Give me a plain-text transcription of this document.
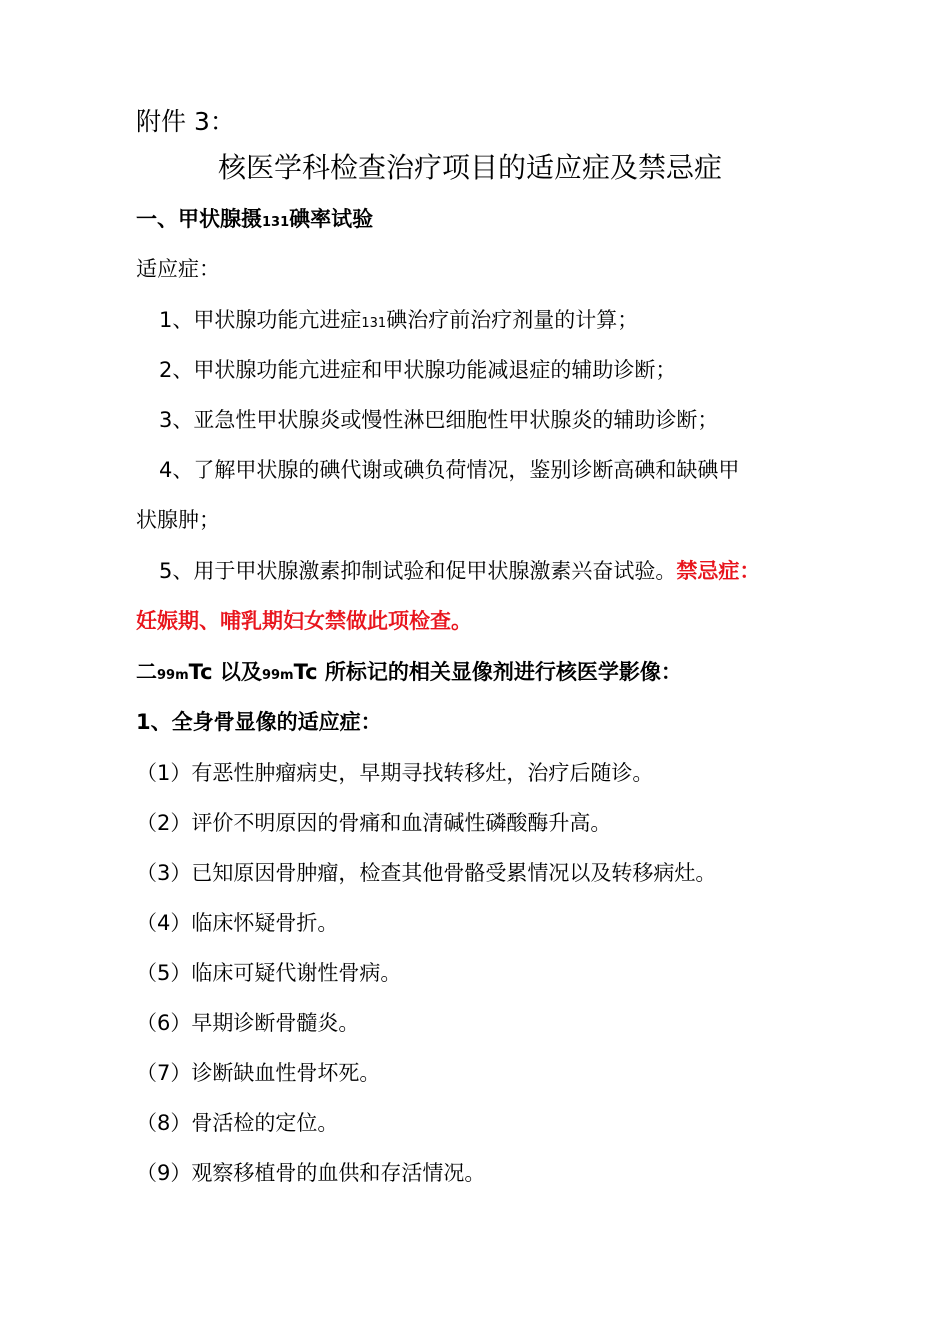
附件 3：
核医学科检查治疗项目的适应症及禁忌症
一、甲状腺摄131碘率试验
适应症：
1、甲状腺功能亢进症131碘治疗前治疗剂量的计算；
2、甲状腺功能亢进症和甲状腺功能减退症的辅助诊断；
3、亚急性甲状腺炎或慢性淋巴细胞性甲状腺炎的辅助诊断；
4、了解甲状腺的碘代谢或碘负荷情况，鉴别诊断高碘和缺碘甲
状腺肿；
5、用于甲状腺激素抑制试验和促甲状腺激素兴奋试验。禁忌症：
妊娠期、哺乳期妇女禁做此项检查。
二99mTc 以及99mTc 所标记的相关显像剂进行核医学影像：
1、全身骨显像的适应症：
（1）有恶性肿瘤病史，早期寻找转移灶，治疗后随诊。
（2）评价不明原因的骨痛和血清碱性磷酸酶升高。
（3）已知原因骨肿瘤，检查其他骨骼受累情况以及转移病灶。
（4）临床怀疑骨折。
（5）临床可疑代谢性骨病。
（6）早期诊断骨髓炎。
（7）诊断缺血性骨坏死。
（8）骨活检的定位。
（9）观察移植骨的血供和存活情况。
